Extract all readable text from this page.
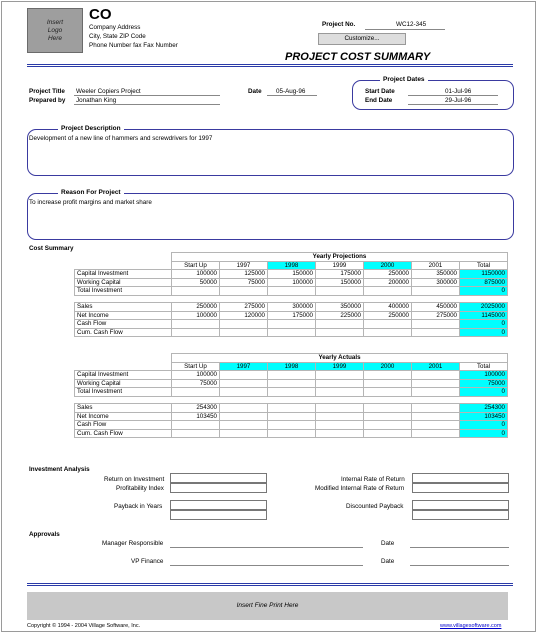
Insert Logo Here
CO
Company Address
City, State ZIP Code
Phone Number fax Fax Number
Project No.	WC12-345
Customize...
PROJECT COST SUMMARY
Project Title Weeler Copiers Project
Prepared by Jonathan King
Date 05-Aug-96
Project Dates
Start Date	01-Jul-96
End Date	29-Jul-96
Project Description
Development of a new line of hammers and screwdrivers for 1997
Reason For Project
To increase profit margins and market share
Cost Summary
	Yearly Projections						
	Start Up	1997	1998	1999	2000	2001	Total
Capital Investment	100000	125000	150000	175000	250000	350000	1150000
Working Capital	50000	75000	100000	150000	200000	300000	875000
Total Investment							0

Sales	250000	275000	300000	350000	400000	450000	2025000
Net Income	100000	120000	175000	225000	250000	275000	1145000
Cash Flow							0
Cum. Cash Flow							0
	Yearly Actuals						
	Start Up	1997	1998	1999	2000	2001	Total
Capital Investment	100000						100000
Working Capital	75000						75000
Total Investment							0

Sales	254300						254300
Net Income	103450						103450
Cash Flow							0
Cum. Cash Flow							0
Investment Analysis
Return on Investment
Profitability Index
Payback in Years
Internal Rate of Return
Modified Internal Rate of Return
Discounted Payback
Approvals
Manager Responsible	Date
VP Finance	Date
Insert Fine Print Here
Copyright © 1994 - 2004 Village Software, Inc.	www.villagesoftware.com
